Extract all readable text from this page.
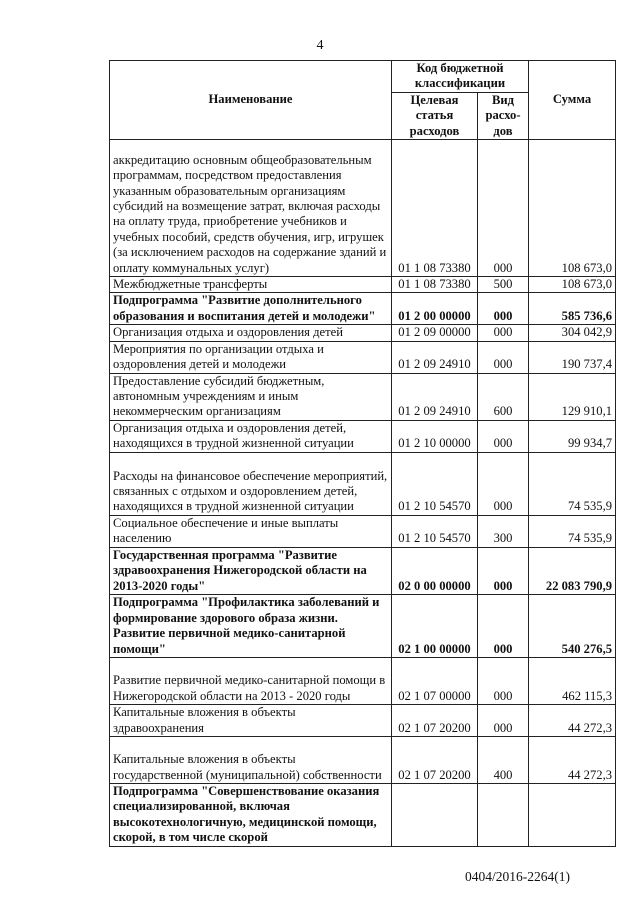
4
Наименование	Код бюджетной классификации		Сумма
	Целевая статья расходов	Вид расхо-дов	
аккредитацию основным общеобразовательным программам, посредством предоставления указанным образовательным организациям субсидий на возмещение затрат, включая расходы на оплату труда, приобретение учебников и учебных пособий, средств обучения, игр, игрушек (за исключением расходов на содержание зданий и оплату коммунальных услуг)	01 1 08 73380	000	108 673,0
Межбюджетные трансферты	01 1 08 73380	500	108 673,0
Подпрограмма "Развитие дополнительного образования и воспитания детей и молодежи"	01 2 00 00000	000	585 736,6
Организация отдыха и оздоровления детей	01 2 09 00000	000	304 042,9
Мероприятия по организации отдыха и оздоровления детей и молодежи	01 2 09 24910	000	190 737,4
Предоставление субсидий бюджетным, автономным учреждениям и иным некоммерческим организациям	01 2 09 24910	600	129 910,1
Организация отдыха и оздоровления детей, находящихся в трудной жизненной ситуации	01 2 10 00000	000	99 934,7
Расходы на финансовое обеспечение мероприятий, связанных с отдыхом и оздоровлением детей, находящихся в трудной жизненной ситуации	01 2 10 54570	000	74 535,9
Социальное обеспечение и иные выплаты населению	01 2 10 54570	300	74 535,9
Государственная программа "Развитие здравоохранения Нижегородской области на 2013-2020 годы"	02 0 00 00000	000	22 083 790,9
Подпрограмма "Профилактика заболеваний и формирование здорового образа жизни. Развитие первичной медико-санитарной помощи"	02 1 00 00000	000	540 276,5
Развитие первичной медико-санитарной помощи в Нижегородской области на 2013 - 2020 годы	02 1 07 00000	000	462 115,3
Капитальные вложения в объекты здравоохранения	02 1 07 20200	000	44 272,3
Капитальные вложения в объекты государственной (муниципальной) собственности	02 1 07 20200	400	44 272,3
Подпрограмма "Совершенствование оказания специализированной, включая высокотехнологичную, медицинской помощи, скорой, в том числе скорой			
0404/2016-2264(1)
